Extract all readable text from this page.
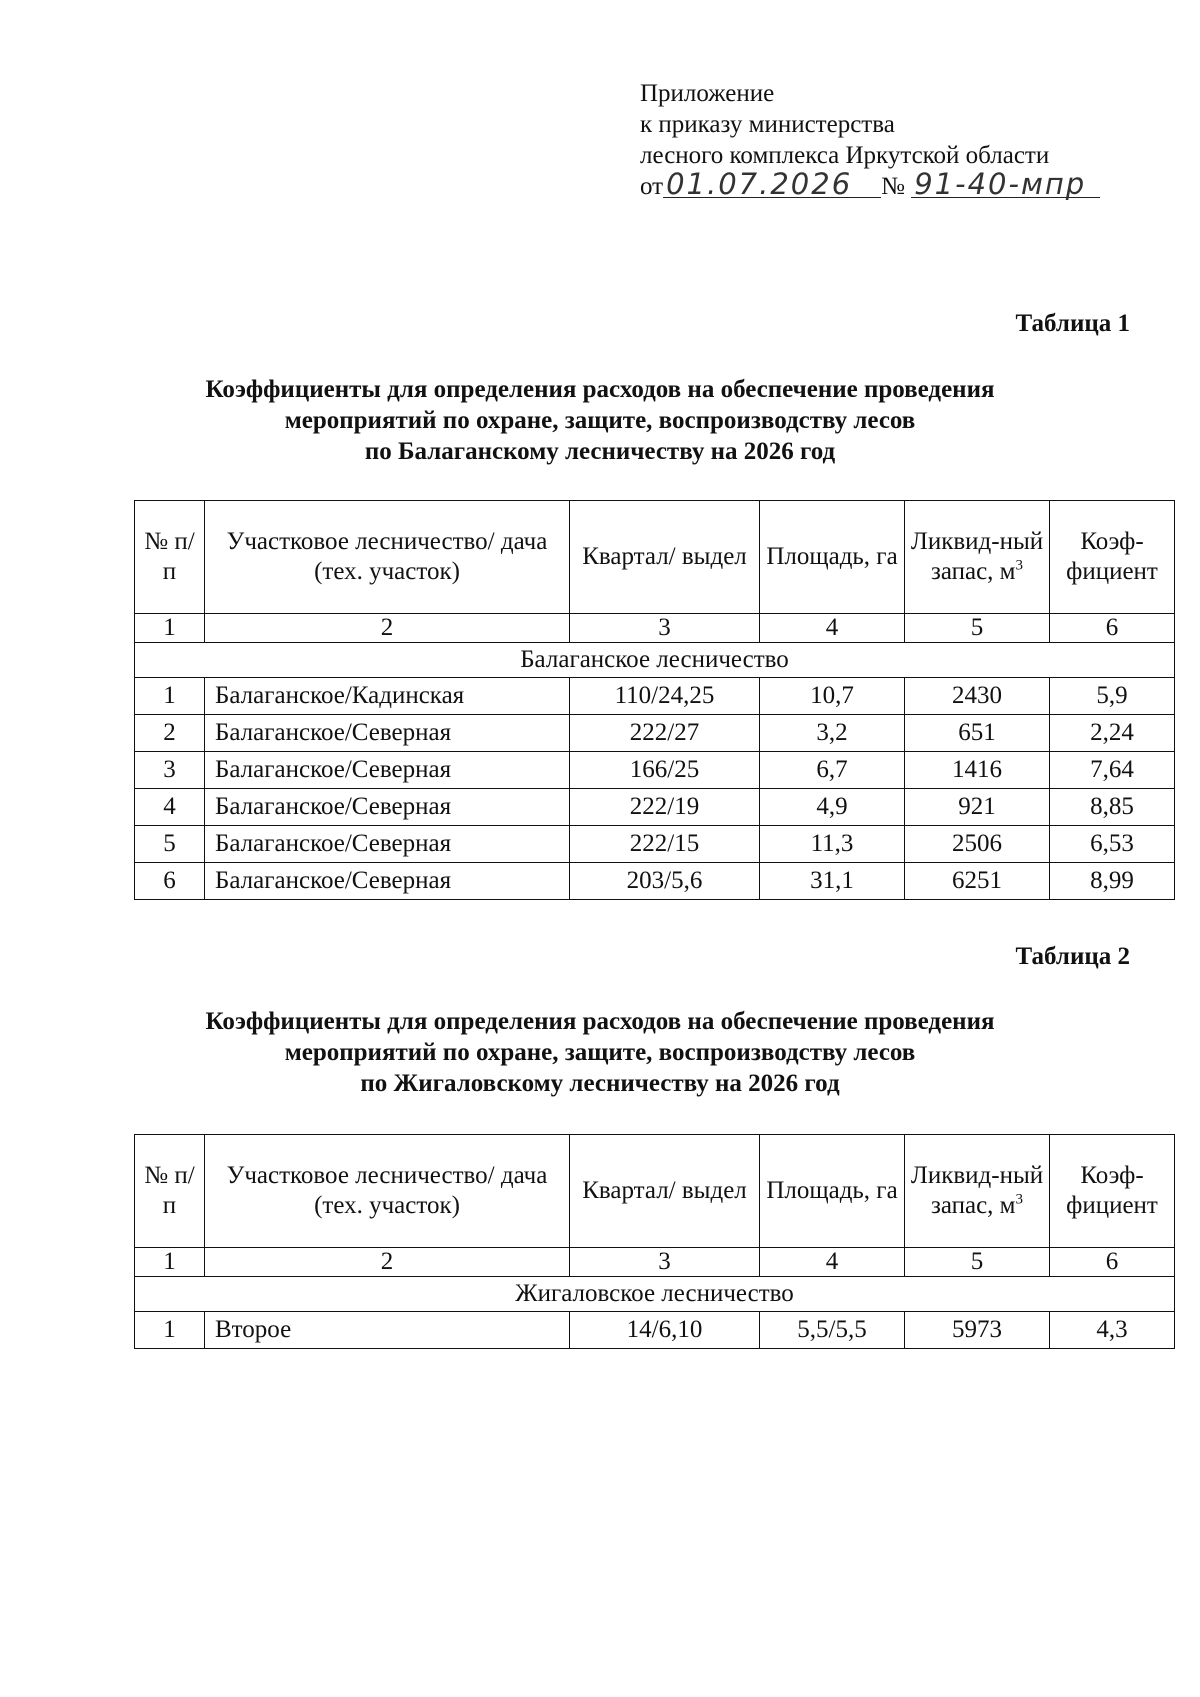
Приложение
к приказу министерства
лесного комплекса Иркутской области
от 01.07.2026 № 91-40-мпр
Таблица 1
Коэффициенты для определения расходов на обеспечение проведения
мероприятий по охране, защите, воспроизводству лесов
по Балаганскому лесничеству на 2026 год
№ п/п	Участковое лесничество/ дача (тех. участок)	Квартал/ выдел	Площадь, га	Ликвид-ный запас, $м^3$	Коэф-фициент
1	2	3	4	5	6
Балаганское лесничество					
1	Балаганское/Кадинская	110/24,25	10,7	2430	5,9
2	Балаганское/Северная	222/27	3,2	651	2,24
3	Балаганское/Северная	166/25	6,7	1416	7,64
4	Балаганское/Северная	222/19	4,9	921	8,85
5	Балаганское/Северная	222/15	11,3	2506	6,53
6	Балаганское/Северная	203/5,6	31,1	6251	8,99
Таблица 2
Коэффициенты для определения расходов на обеспечение проведения
мероприятий по охране, защите, воспроизводству лесов
по Жигаловскому лесничеству на 2026 год
№ п/п	Участковое лесничество/ дача (тех. участок)	Квартал/ выдел	Площадь, га	Ликвид-ный запас, $м^3$	Коэф-фициент
1	2	3	4	5	6
Жигаловское лесничество					
1	Второе	14/6,10	5,5/5,5	5973	4,3
